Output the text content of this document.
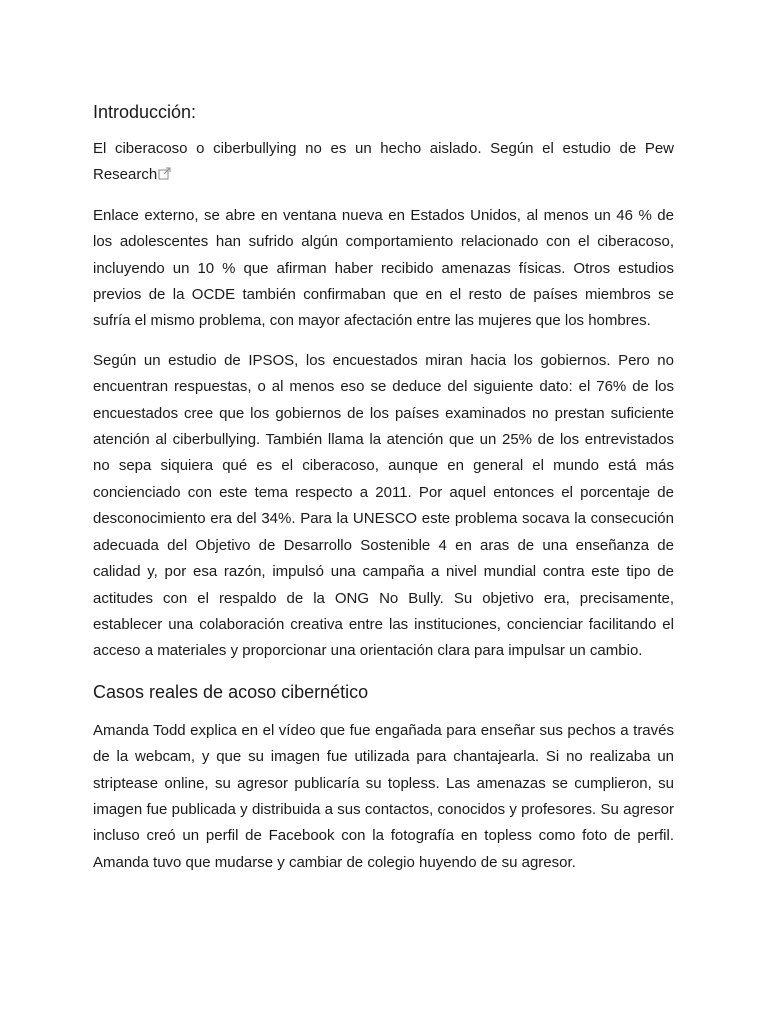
Introducción:

El ciberacoso o ciberbullying no es un hecho aislado. Según el estudio de Pew Research

Enlace externo, se abre en ventana nueva en Estados Unidos, al menos un 46 % de los adolescentes han sufrido algún comportamiento relacionado con el ciberacoso, incluyendo un 10 % que afirman haber recibido amenazas físicas. Otros estudios previos de la OCDE también confirmaban que en el resto de países miembros se sufría el mismo problema, con mayor afectación entre las mujeres que los hombres.

Según un estudio de IPSOS, los encuestados miran hacia los gobiernos. Pero no encuentran respuestas, o al menos eso se deduce del siguiente dato: el 76% de los encuestados cree que los gobiernos de los países examinados no prestan suficiente atención al ciberbullying. También llama la atención que un 25% de los entrevistados no sepa siquiera qué es el ciberacoso, aunque en general el mundo está más concienciado con este tema respecto a 2011. Por aquel entonces el porcentaje de desconocimiento era del 34%. Para la UNESCO este problema socava la consecución adecuada del Objetivo de Desarrollo Sostenible 4 en aras de una enseñanza de calidad y, por esa razón, impulsó una campaña a nivel mundial contra este tipo de actitudes con el respaldo de la ONG No Bully. Su objetivo era, precisamente, establecer una colaboración creativa entre las instituciones, concienciar facilitando el acceso a materiales y proporcionar una orientación clara para impulsar un cambio.

Casos reales de acoso cibernético

Amanda Todd explica en el vídeo que fue engañada para enseñar sus pechos a través de la webcam, y que su imagen fue utilizada para chantajearla. Si no realizaba un striptease online, su agresor publicaría su topless. Las amenazas se cumplieron, su imagen fue publicada y distribuida a sus contactos, conocidos y profesores. Su agresor incluso creó un perfil de Facebook con la fotografía en topless como foto de perfil. Amanda tuvo que mudarse y cambiar de colegio huyendo de su agresor.
